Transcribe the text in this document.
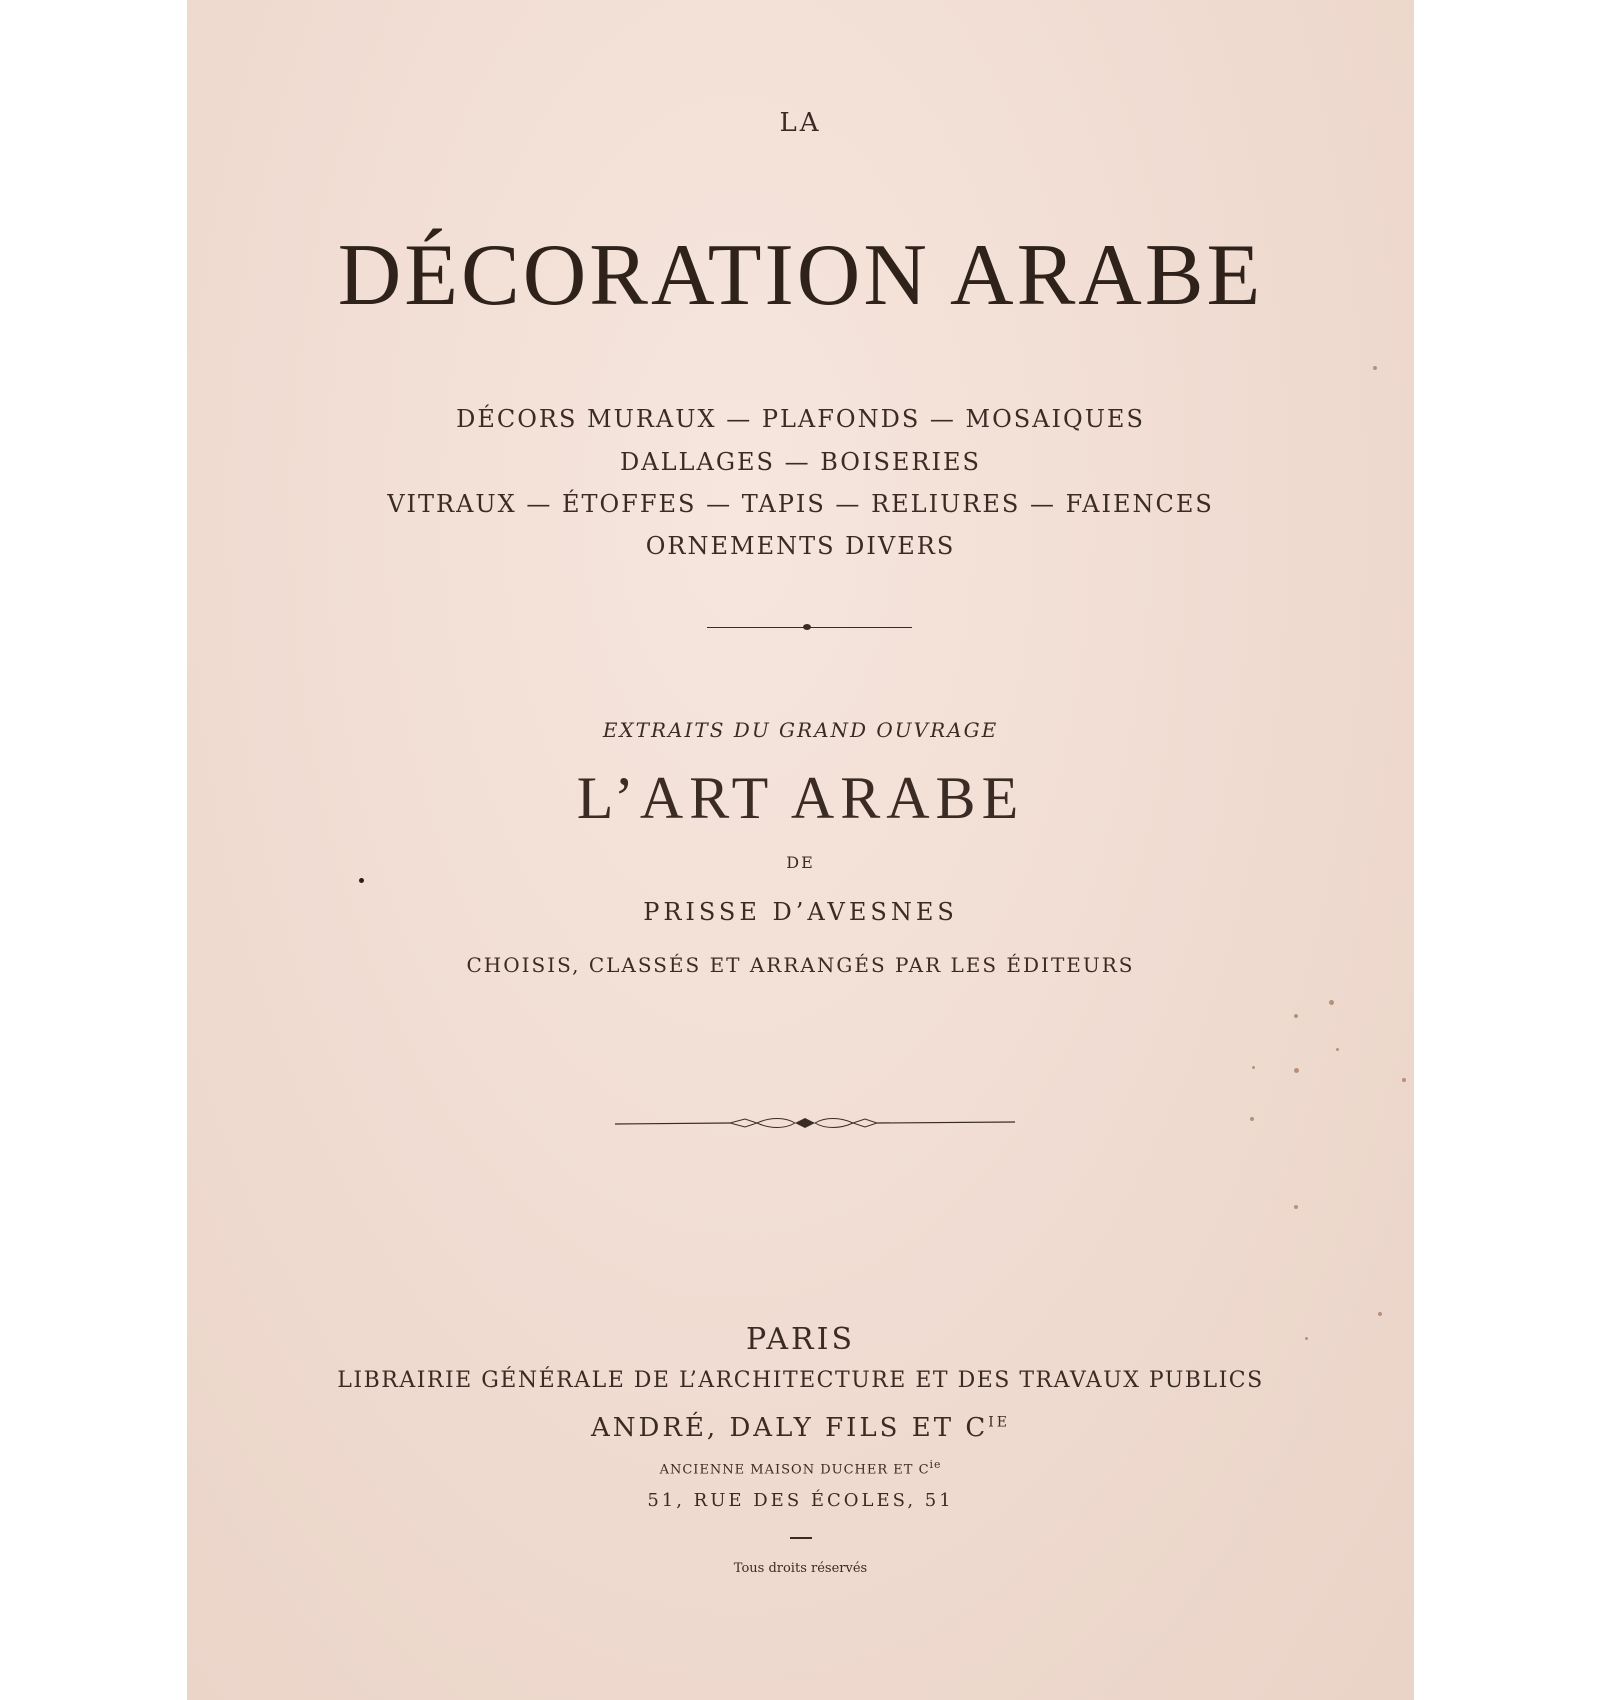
LA
DÉCORATION ARABE
DÉCORS MURAUX — PLAFONDS — MOSAIQUES
DALLAGES — BOISERIES
VITRAUX — ÉTOFFES — TAPIS — RELIURES — FAIENCES
ORNEMENTS DIVERS
EXTRAITS DU GRAND OUVRAGE
L’ART ARABE
DE
PRISSE D’AVESNES
CHOISIS, CLASSÉS ET ARRANGÉS PAR LES ÉDITEURS
PARIS
LIBRAIRIE GÉNÉRALE DE L’ARCHITECTURE ET DES TRAVAUX PUBLICS
ANDRÉ, DALY FILS ET $C^{IE}$
ANCIENNE MAISON DUCHER ET $C^{ie}$
51, RUE DES ÉCOLES, 51
Tous droits réservés
